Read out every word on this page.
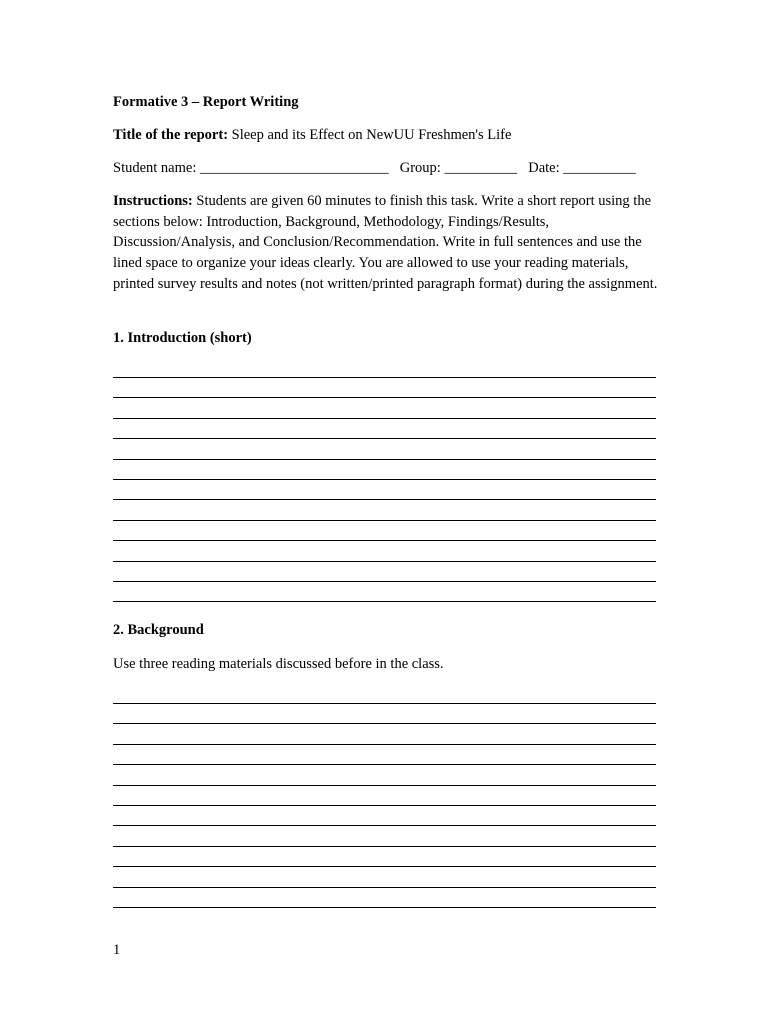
Formative 3 – Report Writing
Title of the report: Sleep and its Effect on NewUU Freshmen's Life
Student name: __________________________ Group: __________ Date: __________
Instructions: Students are given 60 minutes to finish this task. Write a short report using the sections below: Introduction, Background, Methodology, Findings/Results, Discussion/Analysis, and Conclusion/Recommendation. Write in full sentences and use the lined space to organize your ideas clearly. You are allowed to use your reading materials, printed survey results and notes (not written/printed paragraph format) during the assignment.
1. Introduction (short)
2. Background
Use three reading materials discussed before in the class.
1
